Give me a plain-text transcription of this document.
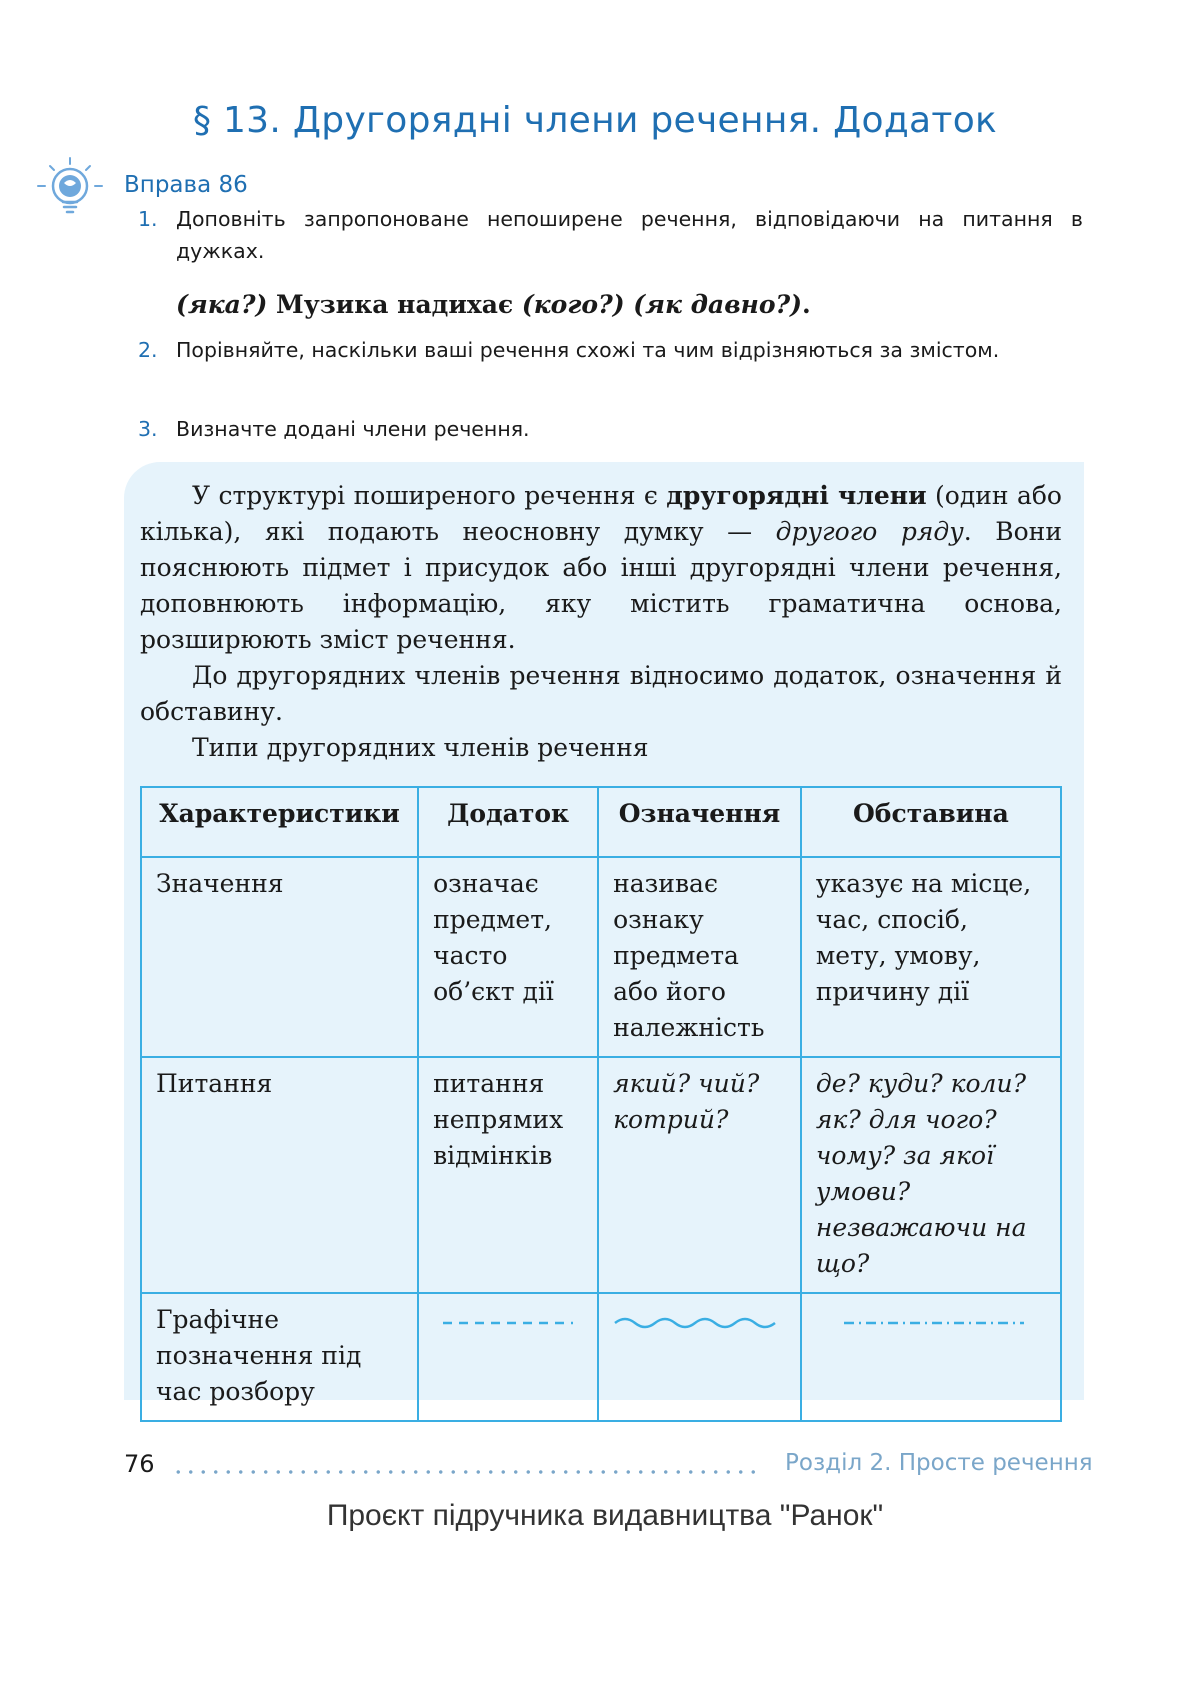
§ 13. Другорядні члени речення. Додаток
Вправа 86
1. Доповніть запропоноване непоширене речення, відповідаючи на питання в дужках.
(яка?) Музика надихає (кого?) (як давно?).
2. Порівняйте, наскільки ваші речення схожі та чим відрізняються за змістом.
3. Визначте додані члени речення.

У структурі поширеного речення є другорядні члени (один або кілька), які подають неосновну думку — другого ряду. Вони пояснюють підмет і присудок або інші другорядні члени речення, доповнюють інформацію, яку містить граматична основа, розширюють зміст речення.

До другорядних членів речення відносимо додаток, означення й обставину.

Типи другорядних членів речення

Характеристики	Додаток	Означення	Обставина
Значення	означає предмет, часто об’єкт дії	називає ознаку предмета або його належність	указує на місце, час, спосіб, мету, умову, причину дії
Питання	питання непрямих відмінків	який? чий? котрий?	де? куди? коли? як? для чого? чому? за якої умови? незважаючи на що?
Графічне позначення під час розбору	

76	Розділ 2. Просте речення
Проєкт підручника видавництва "Ранок"
